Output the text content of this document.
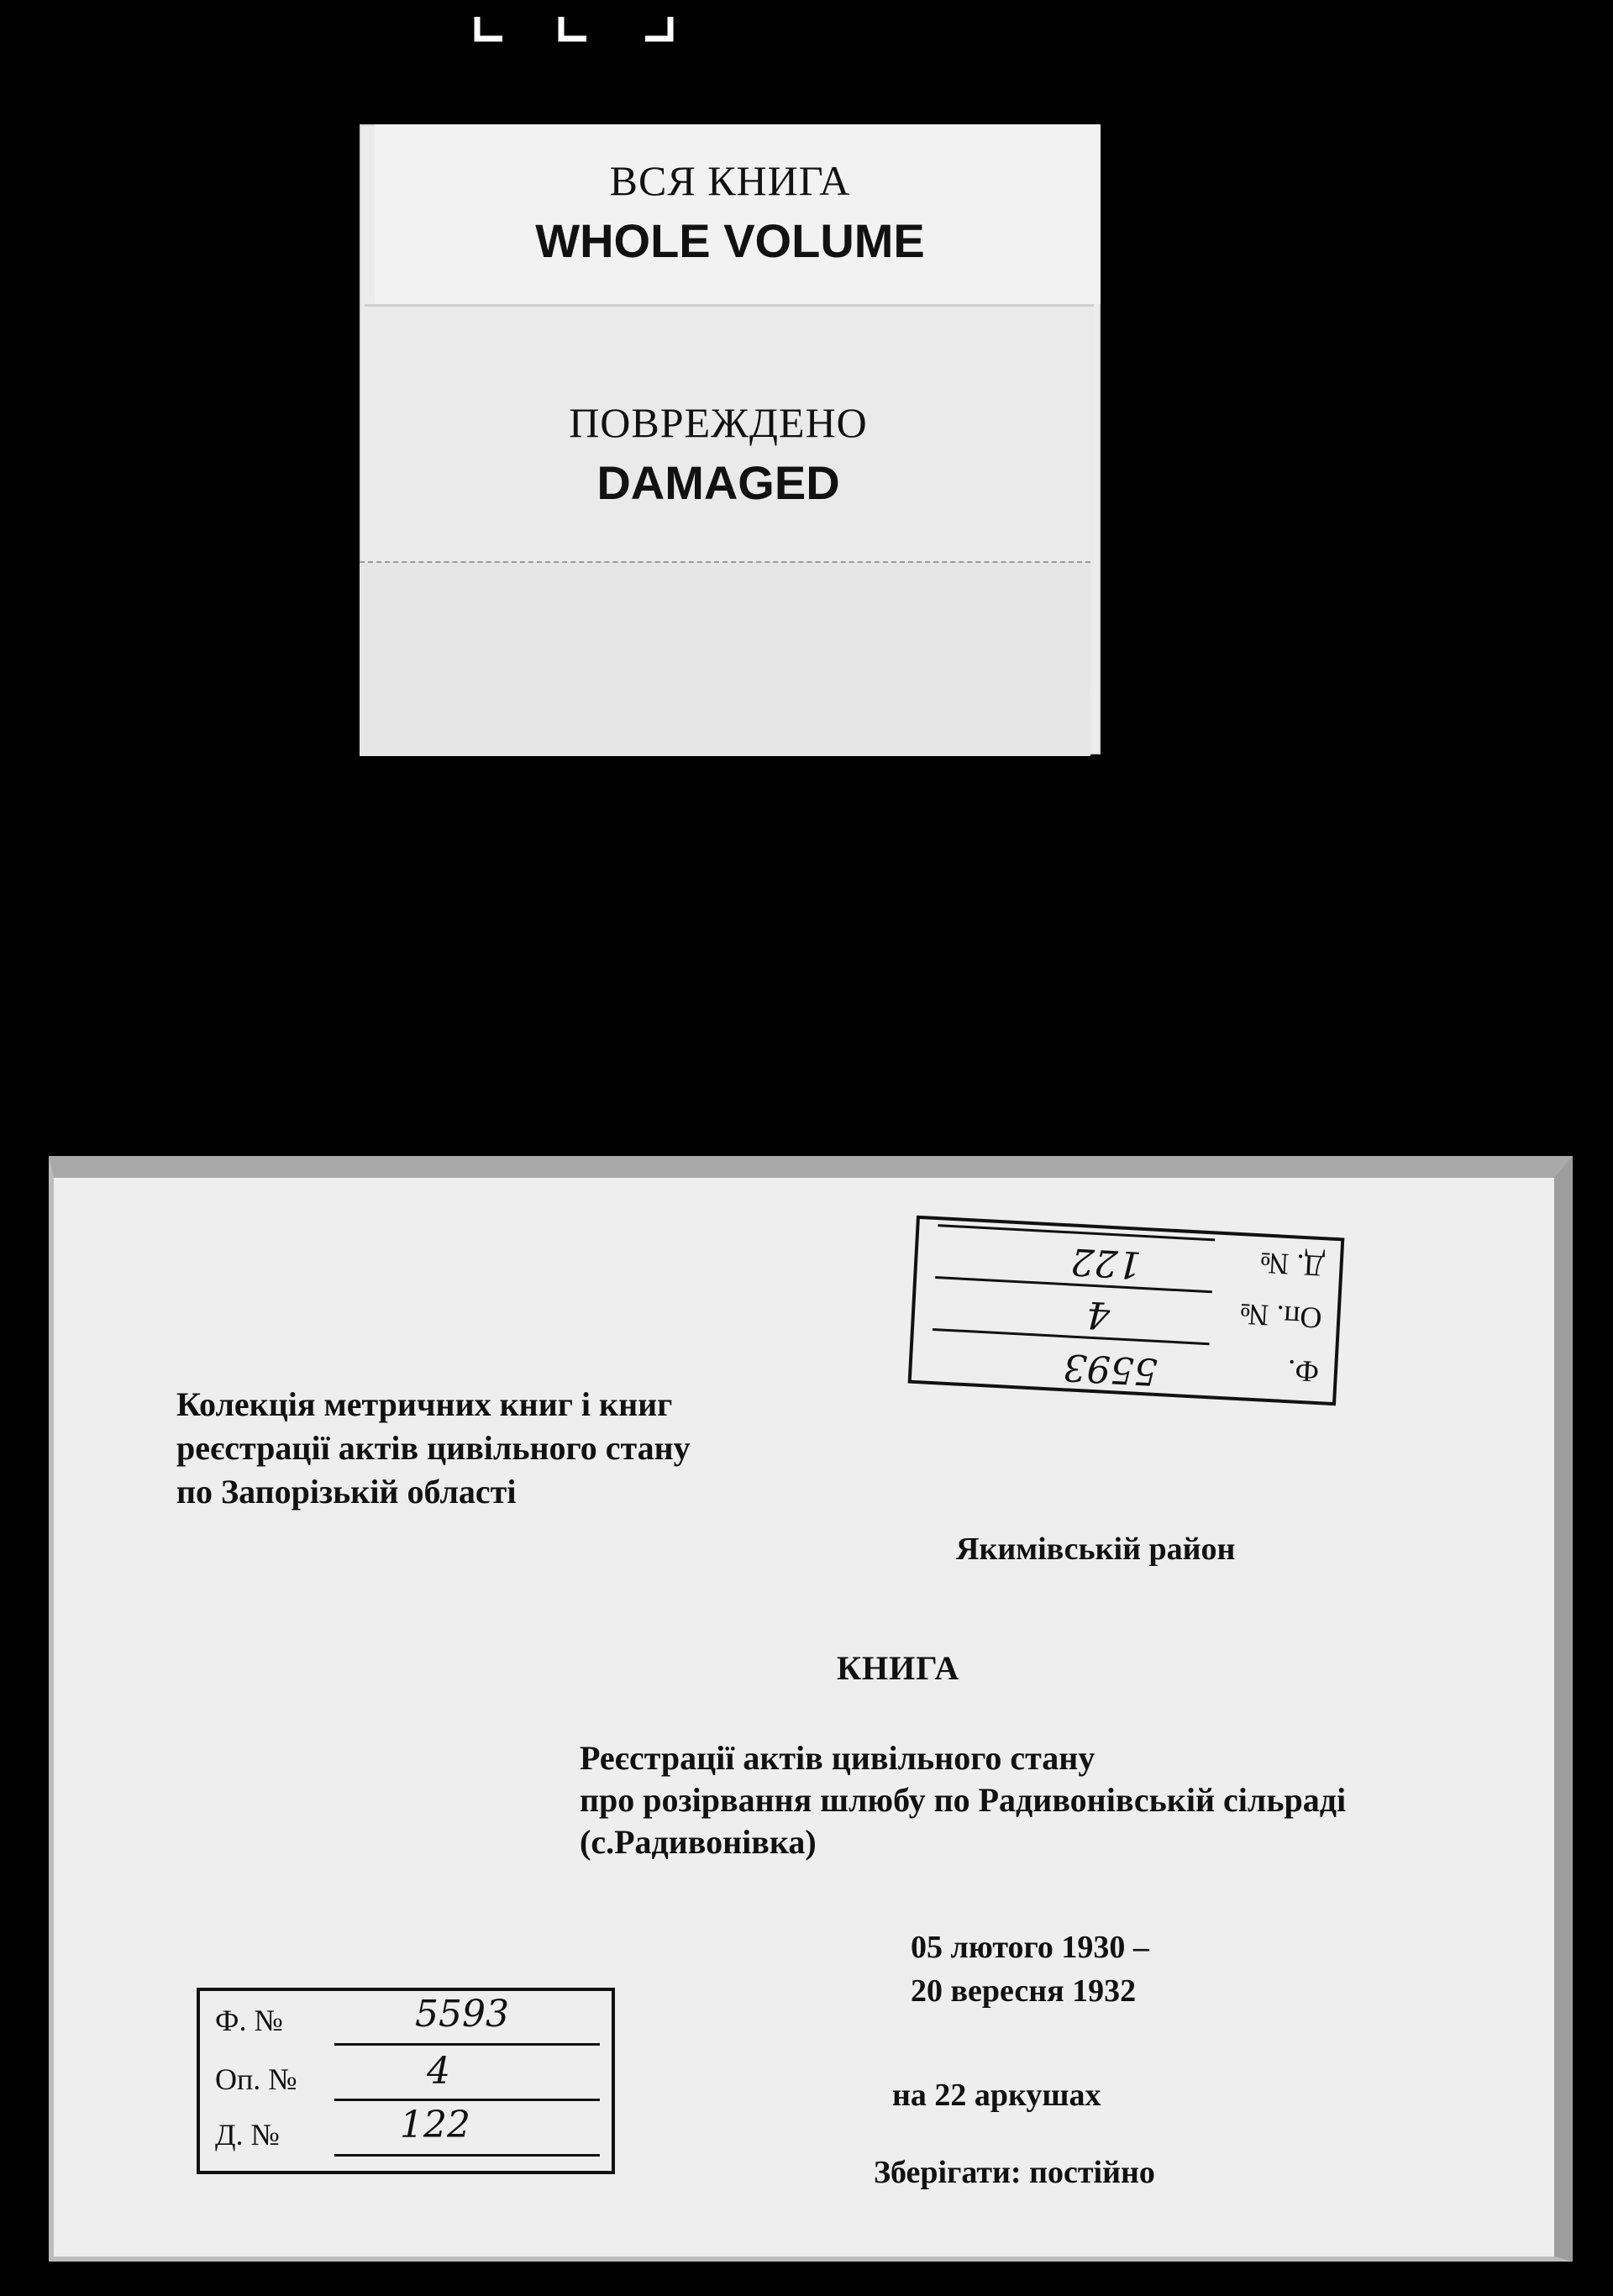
ВСЯ КНИГА
WHOLE VOLUME
ПОВРЕЖДЕНО
DAMAGED
Колекція метричних книг і книг
реєстрації актів цивільного стану
по Запорізькій області
Якимівськiй район
КНИГА
Реєстрації актів цивільного стану
про розірвання шлюбу по Радивонівській сільраді
(с.Радивонівка)
05 лютого 1930 –
20 вересня 1932
на 22 аркушах
Зберігати: постійно
Ф. №	5593
Оп. №	4
Д. №	122
Ф.
5593
Оп. №
4
Д. №
122
